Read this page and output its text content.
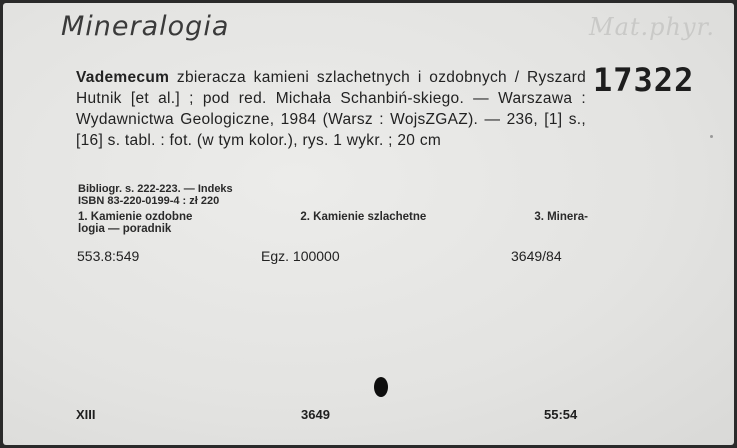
Mineralogia	Mat.phyr.
17322
Vademecum zbieracza kamieni szlachetnych i ozdobnych / Ryszard Hutnik [et al.] ; pod red. Michała Schanbiń-skiego. — Warszawa : Wydawnictwa Geologiczne, 1984 (Warsz : WojsZGAZ). — 236, [1] s., [16] s. tabl. : fot. (w tym kolor.), rys. 1 wykr. ; 20 cm
Bibliogr. s. 222-223. — Indeks
ISBN 83-220-0199-4 : zł 220
1. Kamienie ozdobne	2. Kamienie szlachetne	3. Minera-
logia — poradnik
553.8:549	Egz. 100000	3649/84
XIII	3649	55:54
